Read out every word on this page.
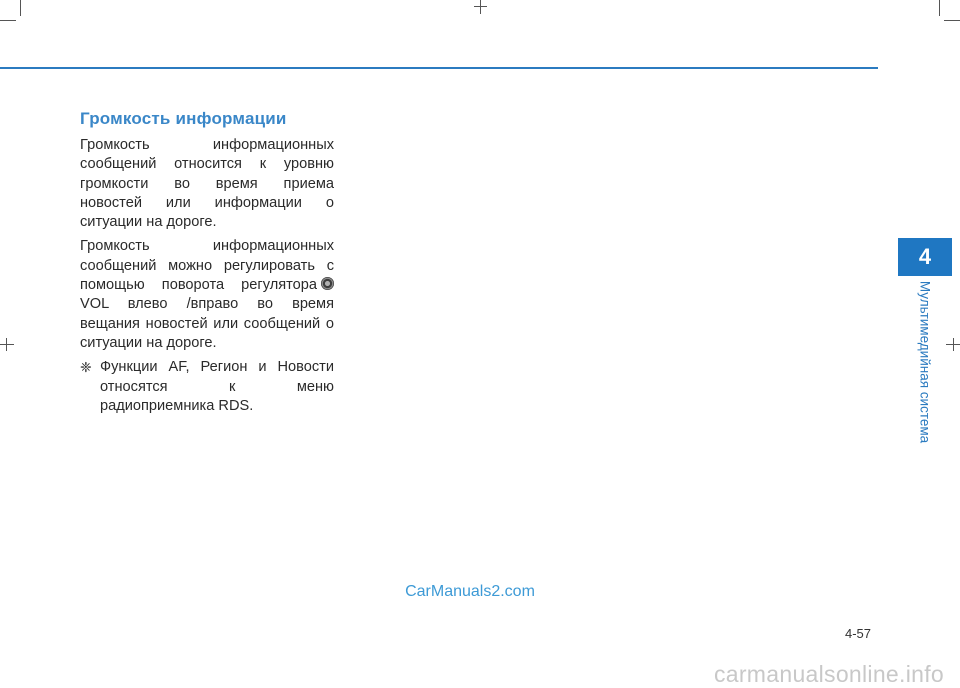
Громкость информации

Громкость информационных сообщений относится к уровню громкости во время приема новостей или информации о ситуации на дороге.

Громкость информационных сообщений можно регулировать с помощью поворота регулятора VOL влево /вправо во время вещания новостей или сообщений о ситуации на дороге.

❈ Функции AF, Регион и Новости относятся к меню радиоприемника RDS.
4
Мультимедийная система
CarManuals2.com
4-57
carmanualsonline.info
